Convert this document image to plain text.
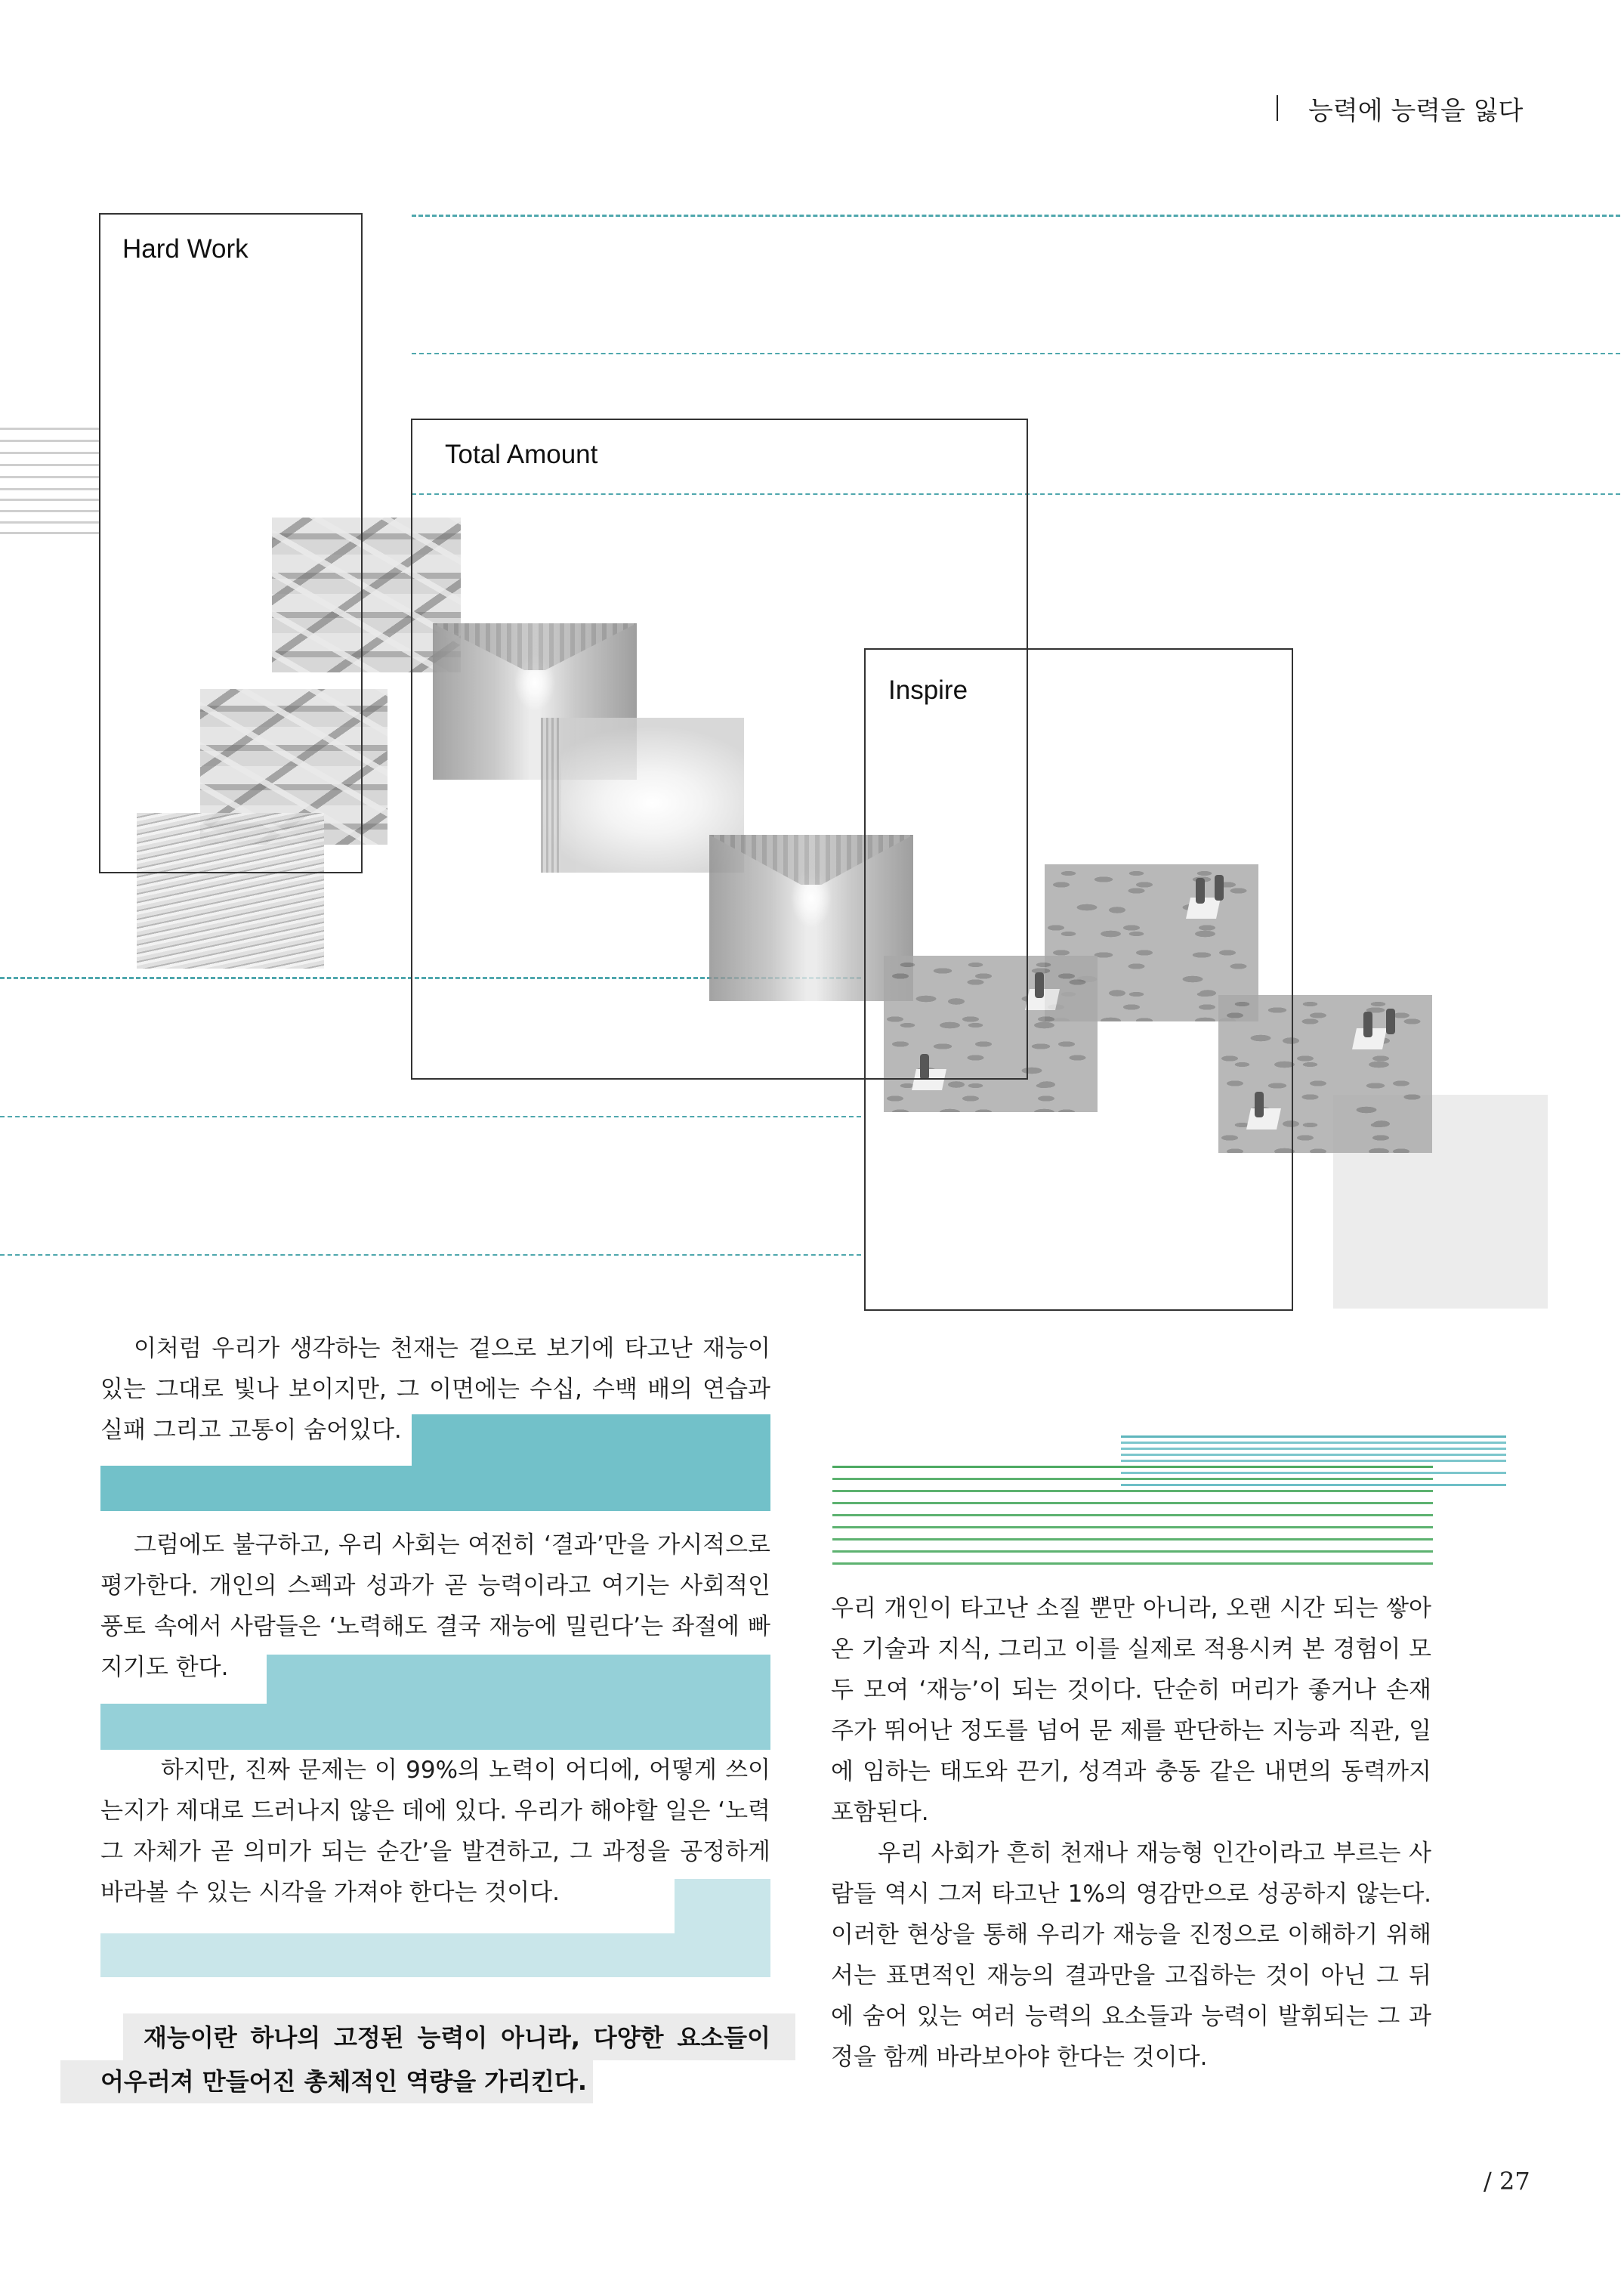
능력에 능력을 잃다
Hard Work
Total Amount
Inspire
이처럼 우리가 생각하는 천재는 겉으로 보기에 타고난 재능이 있는 그대로 빛나 보이지만, 그 이면에는 수십, 수백 배의 연습과 실패 그리고 고통이 숨어있다.
그럼에도 불구하고, 우리 사회는 여전히 ‘결과’만을 가시적으로 평가한다. 개인의 스펙과 성과가 곧 능력이라고 여기는 사회적인 풍토 속에서 사람들은 ‘노력해도 결국 재능에 밀린다’는 좌절에 빠지기도 한다.
하지만, 진짜 문제는 이 99%의 노력이 어디에, 어떻게 쓰이는지가 제대로 드러나지 않은 데에 있다. 우리가 해야할 일은 ‘노력 그 자체가 곧 의미가 되는 순간’을 발견하고, 그 과정을 공정하게 바라볼 수 있는 시각을 가져야 한다는 것이다.
재능이란 하나의 고정된 능력이 아니라, 다양한 요소들이
어우러져 만들어진 총체적인 역량을 가리킨다.
우리 개인이 타고난 소질 뿐만 아니라, 오랜 시간 되는 쌓아온 기술과 지식, 그리고 이를 실제로 적용시켜 본 경험이 모두 모여 ‘재능’이 되는 것이다. 단순히 머리가 좋거나 손재주가 뛰어난 정도를 넘어 문 제를 판단하는 지능과 직관, 일에 임하는 태도와 끈기, 성격과 충동 같은 내면의 동력까지 포함된다.
우리 사회가 흔히 천재나 재능형 인간이라고 부르는 사람들 역시 그저 타고난 1%의 영감만으로 성공하지 않는다. 이러한 현상을 통해 우리가 재능을 진정으로 이해하기 위해서는 표면적인 재능의 결과만을 고집하는 것이 아닌 그 뒤에 숨어 있는 여러 능력의 요소들과 능력이 발휘되는 그 과정을 함께 바라보아야 한다는 것이다.
/ 27
